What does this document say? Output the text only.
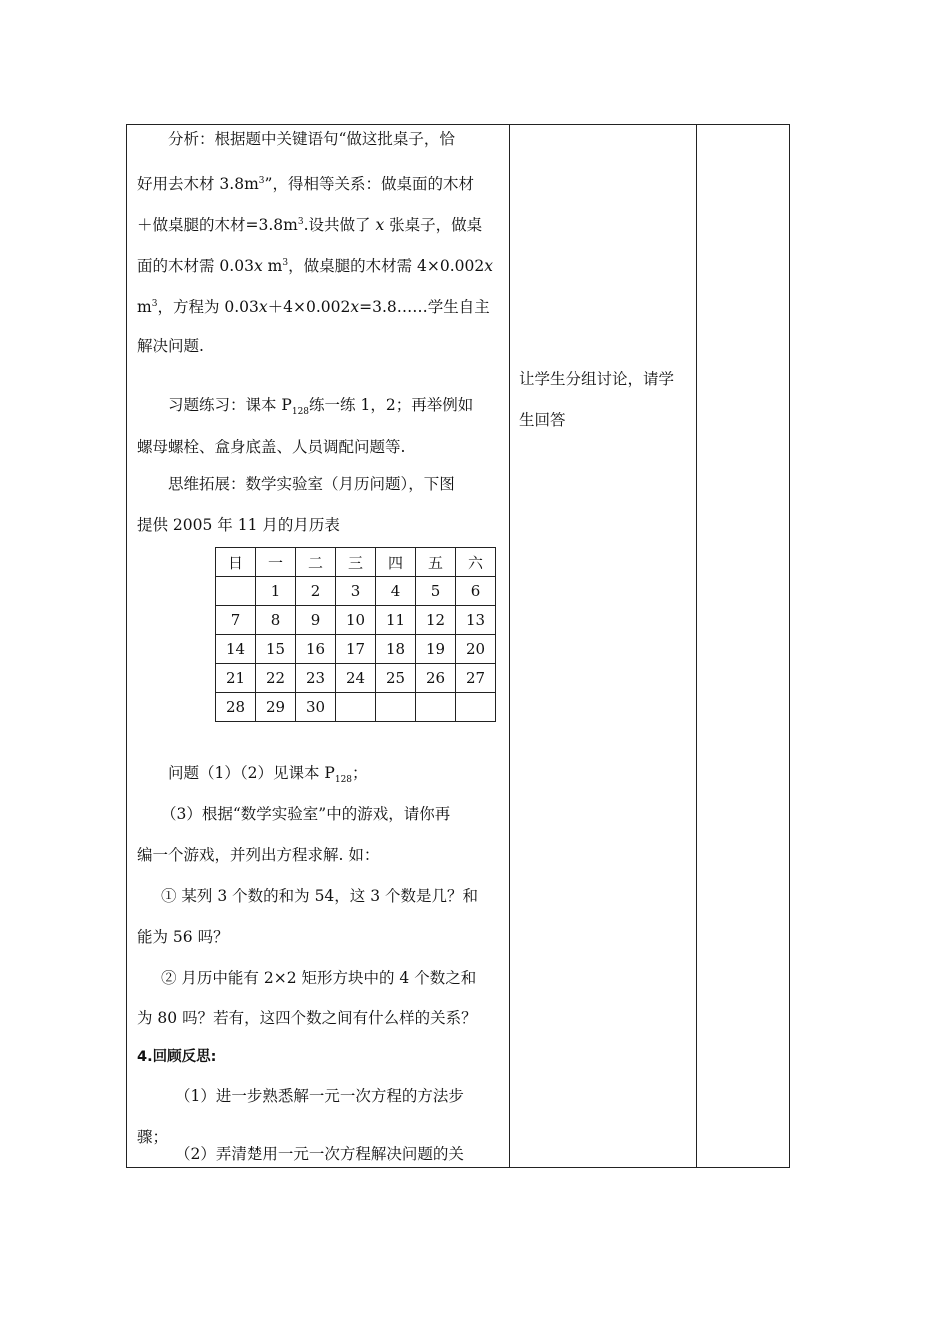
分析：根据题中关键语句“做这批桌子，恰
好用去木材 $3.8m^3$”，得相等关系：做桌面的木材
＋做桌腿的木材$=3.8m^3$.设共做了 x 张桌子，做桌
面的木材需 0.03x $m^3$，做桌腿的木材需 4×0.002x
$m^3$，方程为 0.03x＋4×0.002x=3.8……学生自主
解决问题.
习题练习：课本 $P_{128}$练一练 1，2；再举例如
螺母螺栓、盒身底盖、人员调配问题等.
思维拓展：数学实验室（月历问题），下图
提供 2005 年 11 月的月历表
日	一	二	三	四	五	六
	1	2	3	4	5	6
7	8	9	10	11	12	13
14	15	16	17	18	19	20
21	22	23	24	25	26	27
28	29	30				
问题（1）（2）见课本 $P_{128}$；
（3）根据“数学实验室”中的游戏，请你再
编一个游戏，并列出方程求解. 如：
① 某列 3 个数的和为 54，这 3 个数是几？和
能为 56 吗？
② 月历中能有 2×2 矩形方块中的 4 个数之和
为 80 吗？若有，这四个数之间有什么样的关系？
4.回顾反思:
（1）进一步熟悉解一元一次方程的方法步
骤；
（2）弄清楚用一元一次方程解决问题的关
让学生分组讨论，请学
生回答
